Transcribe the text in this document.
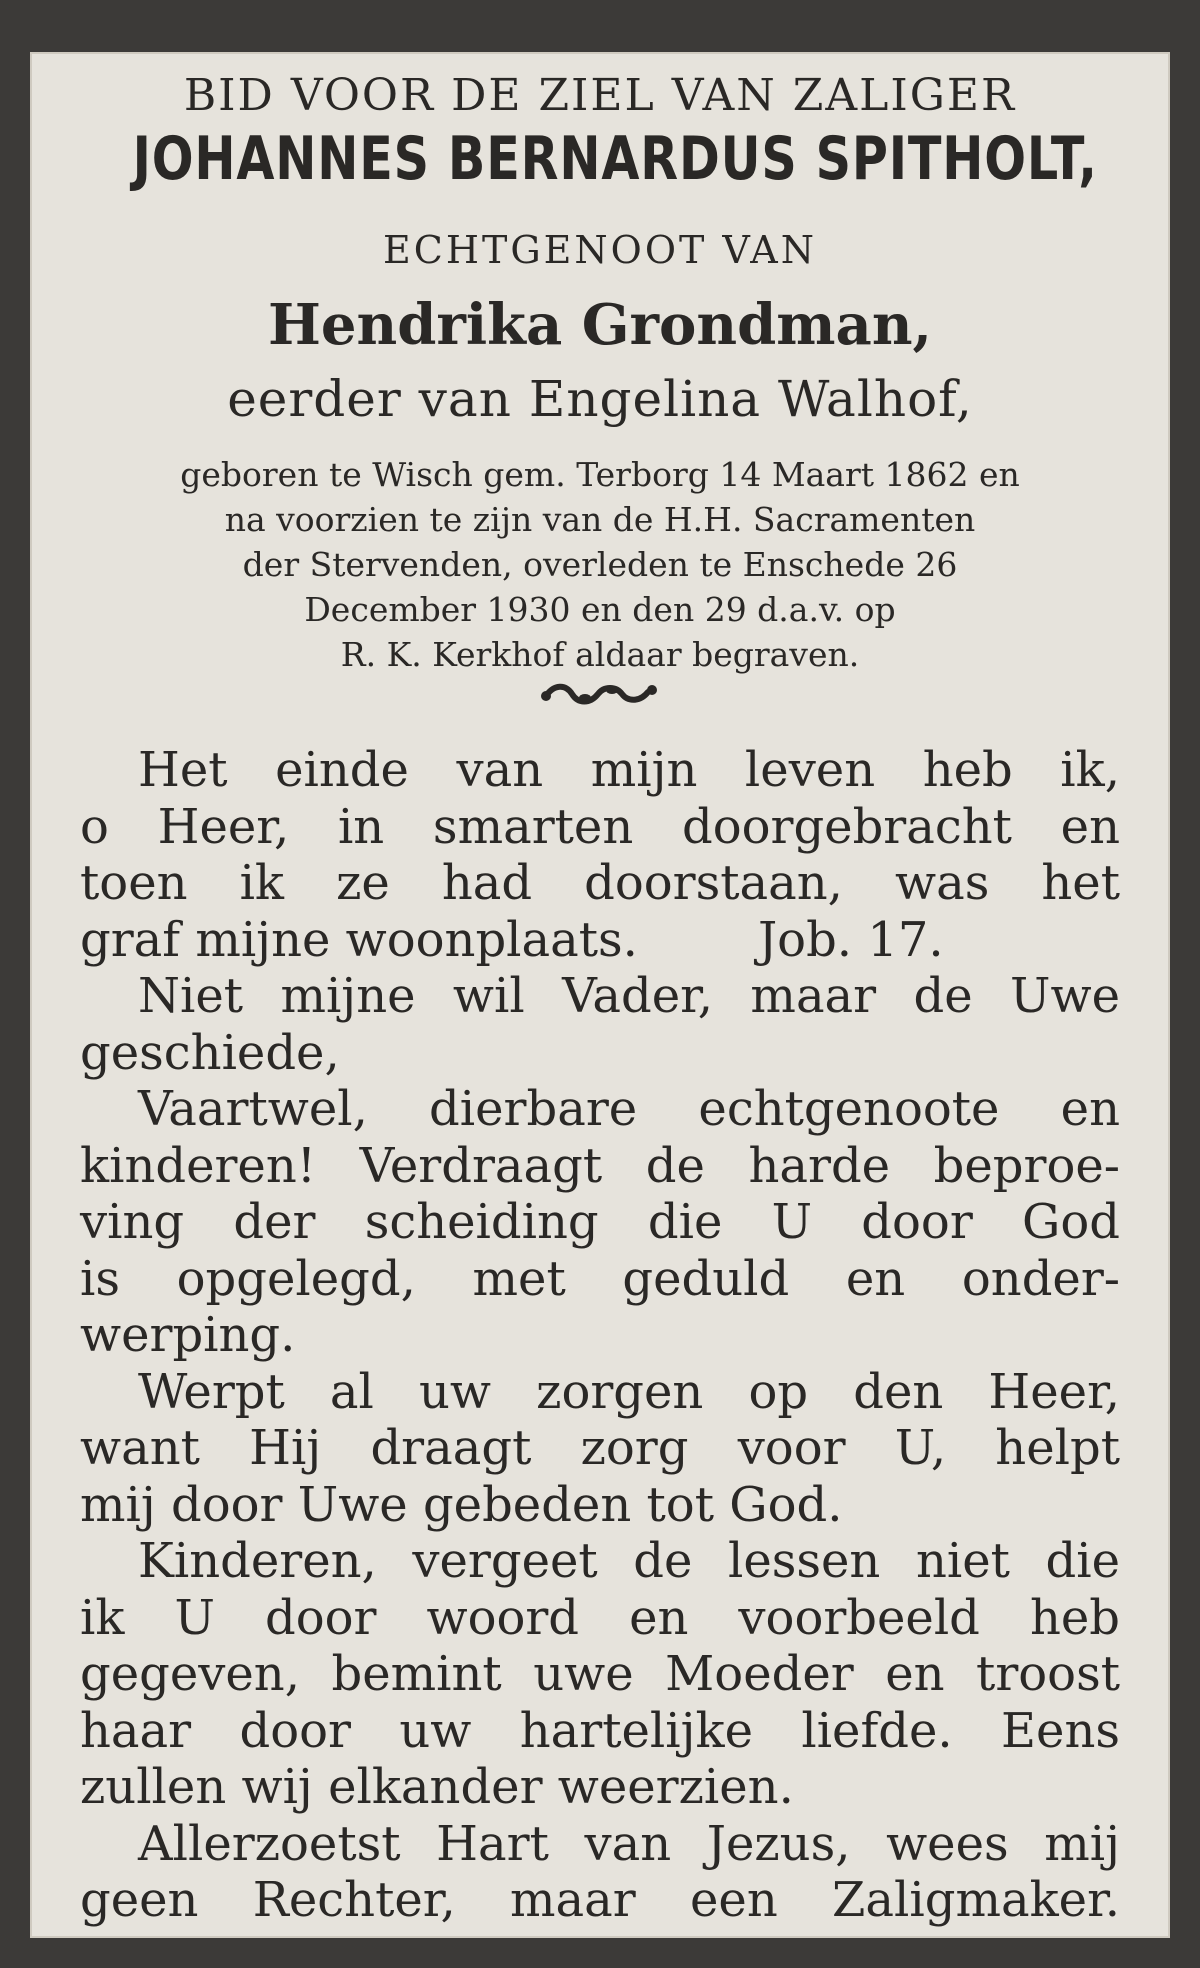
BID VOOR DE ZIEL VAN ZALIGER
JOHANNES BERNARDUS SPITHOLT,
ECHTGENOOT VAN
Hendrika Grondman,
eerder van Engelina Walhof,
geboren te Wisch gem. Terborg 14 Maart 1862 en
na voorzien te zijn van de H.H. Sacramenten
der Stervenden, overleden te Enschede 26
December 1930 en den 29 d.a.v. op
R. K. Kerkhof aldaar begraven.
Het einde van mijn leven heb ik,
o Heer, in smarten doorgebracht en
toen ik ze had doorstaan, was het
graf mijne woonplaats.	Job. 17.
Niet mijne wil Vader, maar de Uwe
geschiede,
Vaartwel, dierbare echtgenoote en
kinderen! Verdraagt de harde beproe-
ving der scheiding die U door God
is opgelegd, met geduld en onder-
werping.
Werpt al uw zorgen op den Heer,
want Hij draagt zorg voor U, helpt
mij door Uwe gebeden tot God.
Kinderen, vergeet de lessen niet die
ik U door woord en voorbeeld heb
gegeven, bemint uwe Moeder en troost
haar door uw hartelijke liefde. Eens
zullen wij elkander weerzien.
Allerzoetst Hart van Jezus, wees mij
geen Rechter, maar een Zaligmaker.
